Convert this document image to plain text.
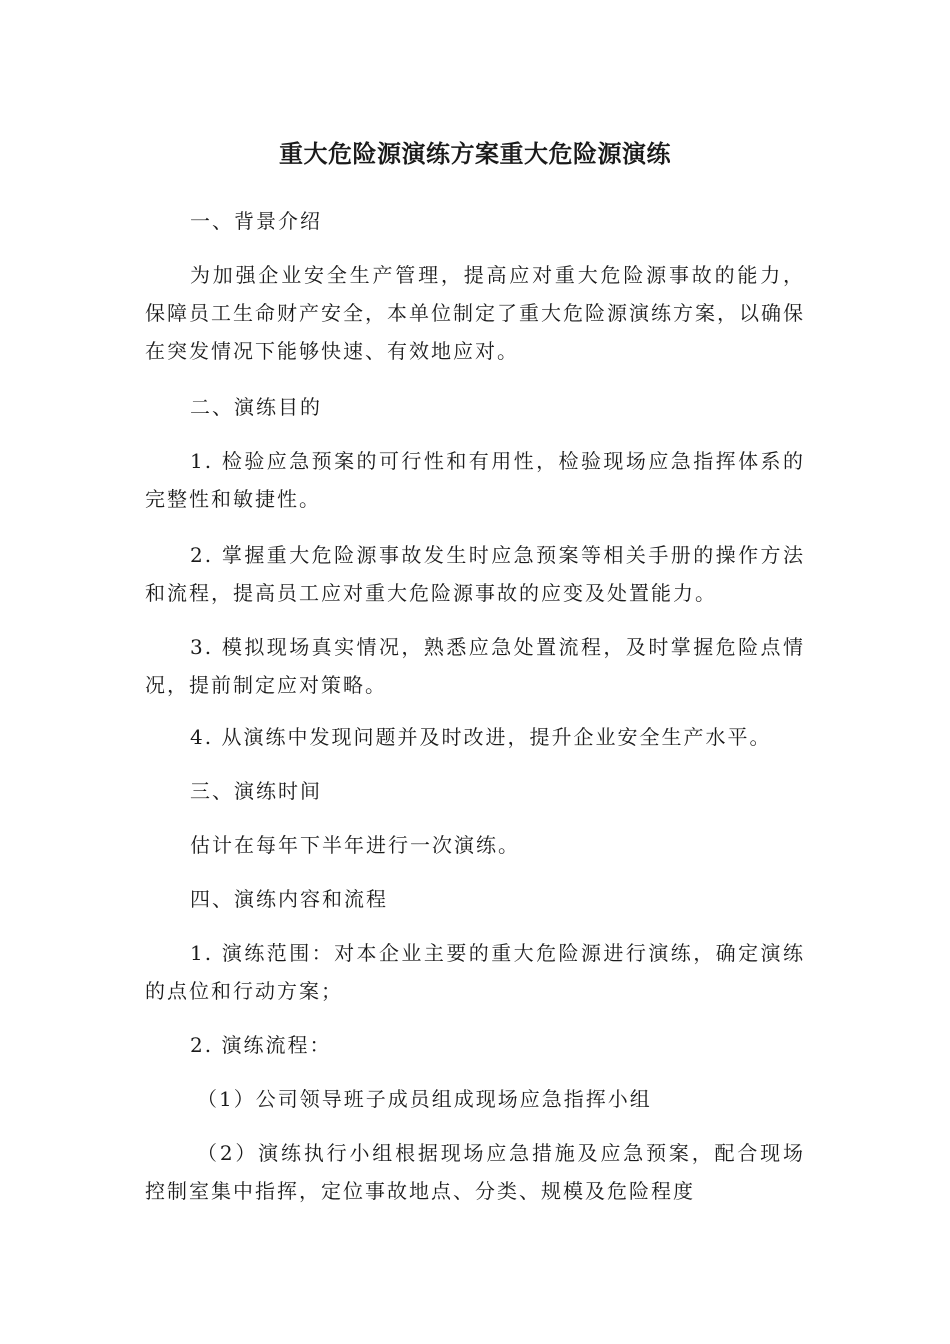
重大危险源演练方案重大危险源演练

一、背景介绍

为加强企业安全生产管理，提高应对重大危险源事故的能力，保障员工生命财产安全，本单位制定了重大危险源演练方案，以确保在突发情况下能够快速、有效地应对。

二、演练目的

1. 检验应急预案的可行性和有用性，检验现场应急指挥体系的完整性和敏捷性。

2. 掌握重大危险源事故发生时应急预案等相关手册的操作方法和流程，提高员工应对重大危险源事故的应变及处置能力。

3. 模拟现场真实情况，熟悉应急处置流程，及时掌握危险点情况，提前制定应对策略。

4. 从演练中发现问题并及时改进，提升企业安全生产水平。

三、演练时间

估计在每年下半年进行一次演练。

四、演练内容和流程

1. 演练范围：对本企业主要的重大危险源进行演练，确定演练的点位和行动方案；

2. 演练流程：

（1）公司领导班子成员组成现场应急指挥小组

（2）演练执行小组根据现场应急措施及应急预案，配合现场控制室集中指挥，定位事故地点、分类、规模及危险程度
